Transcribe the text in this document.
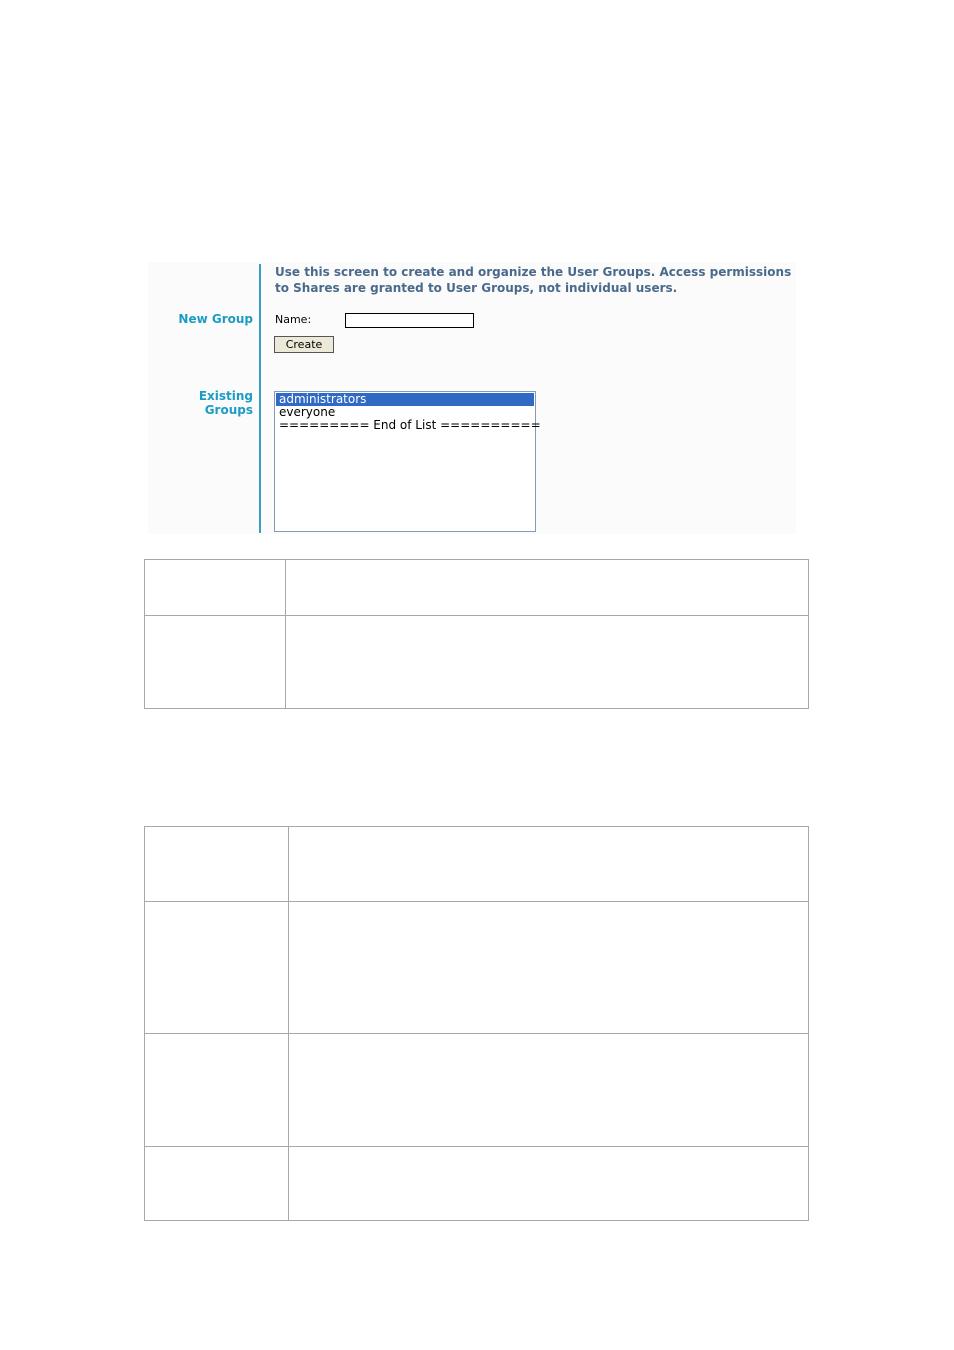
Use this screen to create and organize the User Groups. Access permissions to Shares are granted to User Groups, not individual users.
New Group Name:
Create
Existing Groups
administrators
everyone
========= End of List ==========
